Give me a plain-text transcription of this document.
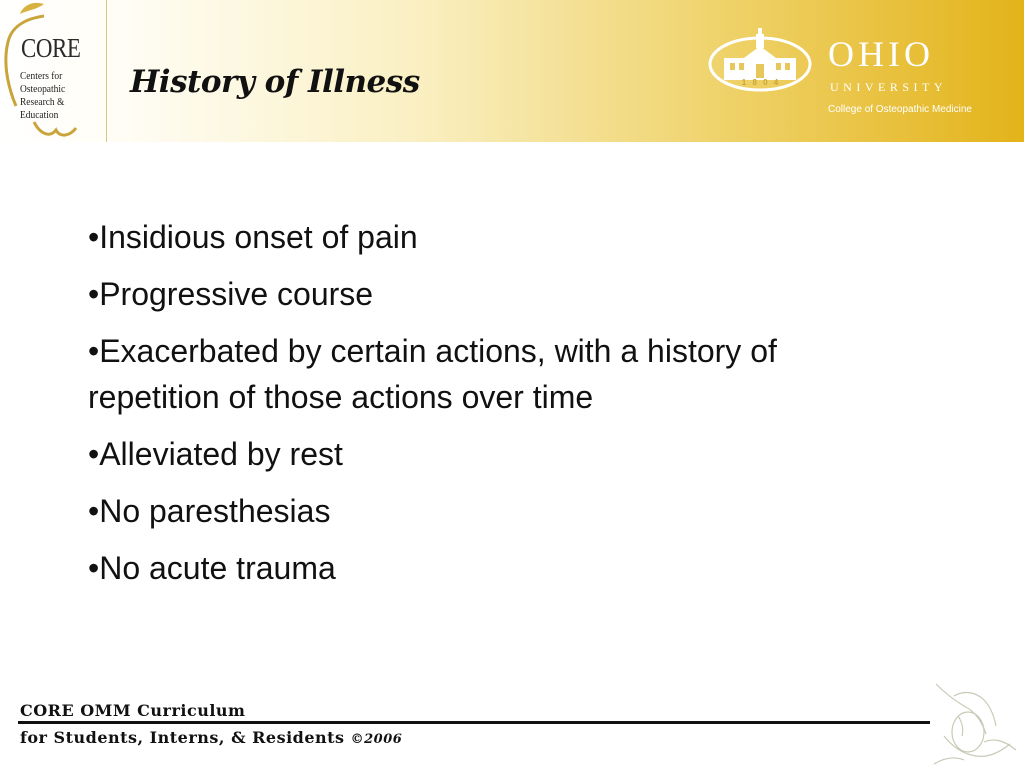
CORE
Centers for
Osteopathic
Research &
Education
History of Illness	1 8 0 4
OHIO
UNIVERSITY
College of Osteopathic Medicine
•Insidious onset of pain
•Progressive course
•Exacerbated by certain actions, with a history of repetition of those actions over time
•Alleviated by rest
•No paresthesias
•No acute trauma
CORE OMM Curriculum
for Students, Interns, & Residents ©2006
